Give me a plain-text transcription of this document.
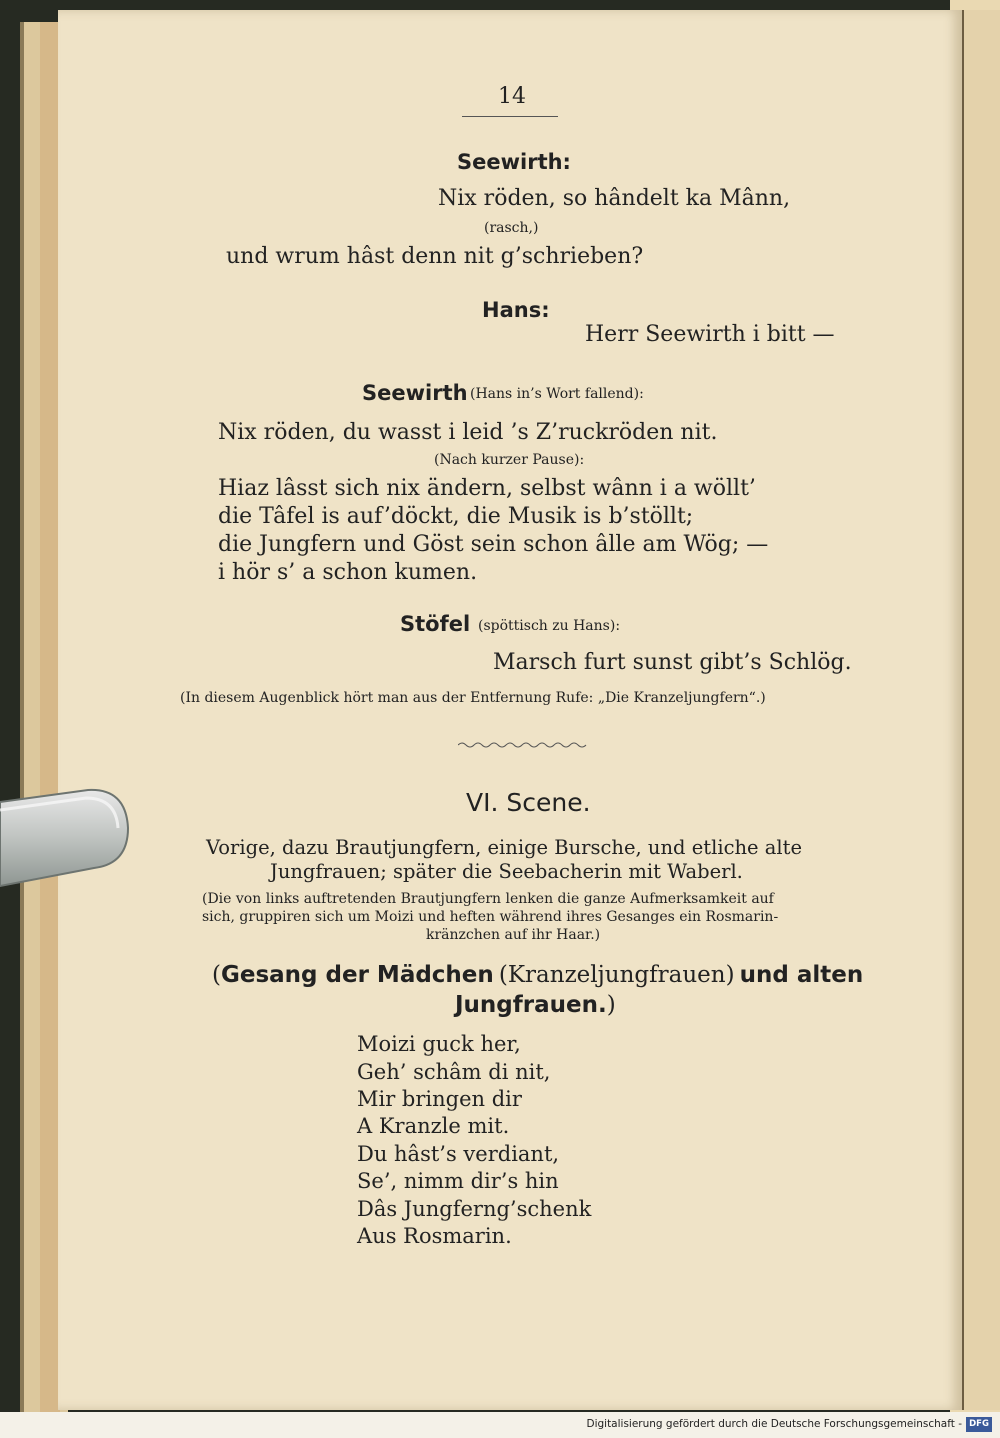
14
Seewirth:
Nix röden, so hândelt ka Mânn,
(rasch,)
und wrum hâst denn nit g’schrieben?
Hans:
Herr Seewirth i bitt —
Seewirth (Hans in’s Wort fallend):
Nix röden, du wasst i leid ’s Z’ruckröden nit.
(Nach kurzer Pause):
Hiaz lâsst sich nix ändern, selbst wânn i a wöllt’
die Tâfel is auf’döckt, die Musik is b’stöllt;
die Jungfern und Göst sein schon âlle am Wög; —
i hör s’ a schon kumen.
Stöfel (spöttisch zu Hans):
Marsch furt sunst gibt’s Schlög.
(In diesem Augenblick hört man aus der Entfernung Rufe: „Die Kranzeljungfern“.)
VI. Scene.
Vorige, dazu Brautjungfern, einige Bursche, und etliche alte
Jungfrauen; später die Seebacherin mit Waberl.
(Die von links auftretenden Brautjungfern lenken die ganze Aufmerksamkeit auf
sich, gruppiren sich um Moizi und heften während ihres Gesanges ein Rosmarin-
kränzchen auf ihr Haar.)
(Gesang der Mädchen (Kranzeljungfrauen) und alten
Jungfrauen.)
Moizi guck her,
Geh’ schâm di nit,
Mir bringen dir
A Kranzle mit.
Du hâst’s verdiant,
Se’, nimm dir’s hin
Dâs Jungferng’schenk
Aus Rosmarin.
Digitalisierung gefördert durch die Deutsche Forschungsgemeinschaft - DFG
